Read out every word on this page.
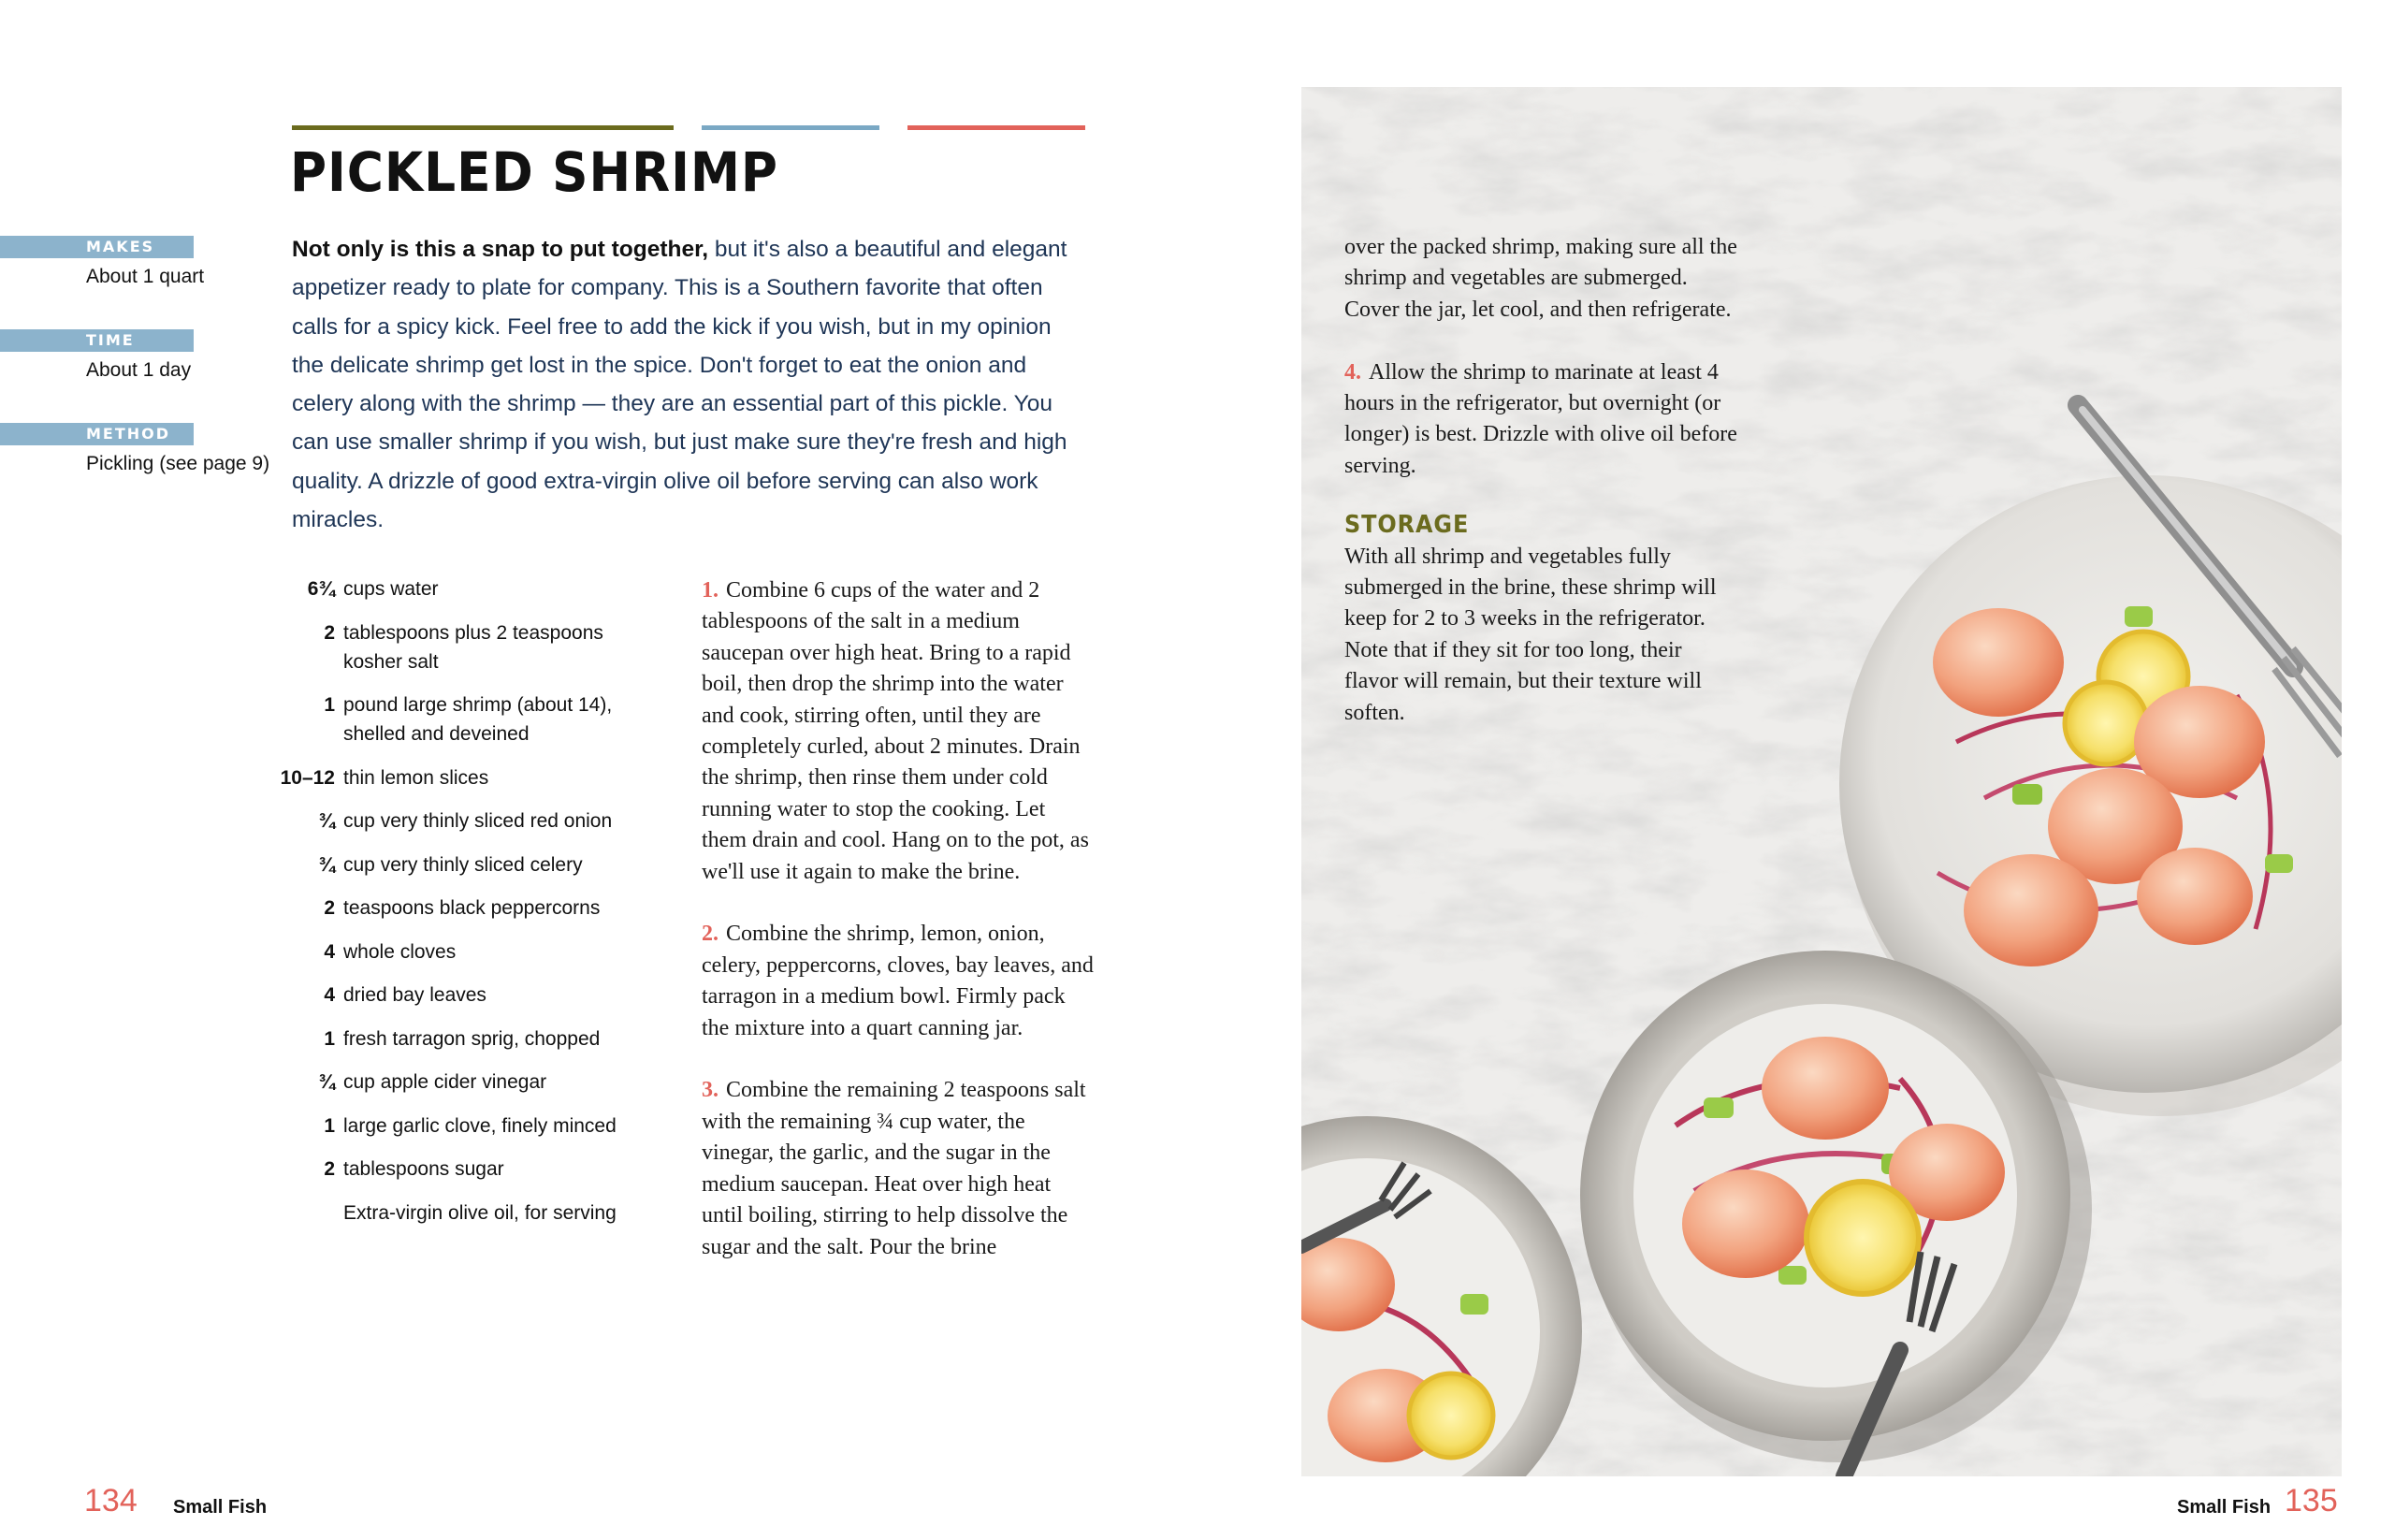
PICKLED SHRIMP
MAKES
About 1 quart
TIME
About 1 day
METHOD
Pickling (see page 9)

Not only is this a snap to put together, but it's also a beautiful and elegant appetizer ready to plate for company. This is a Southern favorite that often calls for a spicy kick. Feel free to add the kick if you wish, but in my opinion the delicate shrimp get lost in the spice. Don't forget to eat the onion and celery along with the shrimp — they are an essential part of this pickle. You can use smaller shrimp if you wish, but just make sure they're fresh and high quality. A drizzle of good extra-virgin olive oil before serving can also work miracles.

6¾ cups water
2 tablespoons plus 2 teaspoons kosher salt
1 pound large shrimp (about 14), shelled and deveined
10–12 thin lemon slices
¾ cup very thinly sliced red onion
¾ cup very thinly sliced celery
2 teaspoons black peppercorns
4 whole cloves
4 dried bay leaves
1 fresh tarragon sprig, chopped
¾ cup apple cider vinegar
1 large garlic clove, finely minced
2 tablespoons sugar
Extra-virgin olive oil, for serving

1. Combine 6 cups of the water and 2 tablespoons of the salt in a medium saucepan over high heat. Bring to a rapid boil, then drop the shrimp into the water and cook, stirring often, until they are completely curled, about 2 minutes. Drain the shrimp, then rinse them under cold running water to stop the cooking. Let them drain and cool. Hang on to the pot, as we'll use it again to make the brine.

2. Combine the shrimp, lemon, onion, celery, peppercorns, cloves, bay leaves, and tarragon in a medium bowl. Firmly pack the mixture into a quart canning jar.

3. Combine the remaining 2 teaspoons salt with the remaining ¾ cup water, the vinegar, the garlic, and the sugar in the medium saucepan. Heat over high heat until boiling, stirring to help dissolve the sugar and the salt. Pour the brine

over the packed shrimp, making sure all the shrimp and vegetables are submerged. Cover the jar, let cool, and then refrigerate.

4. Allow the shrimp to marinate at least 4 hours in the refrigerator, but overnight (or longer) is best. Drizzle with olive oil before serving.

STORAGE

With all shrimp and vegetables fully submerged in the brine, these shrimp will keep for 2 to 3 weeks in the refrigerator. Note that if they sit for too long, their flavor will remain, but their texture will soften.

134 Small Fish	Small Fish 135
